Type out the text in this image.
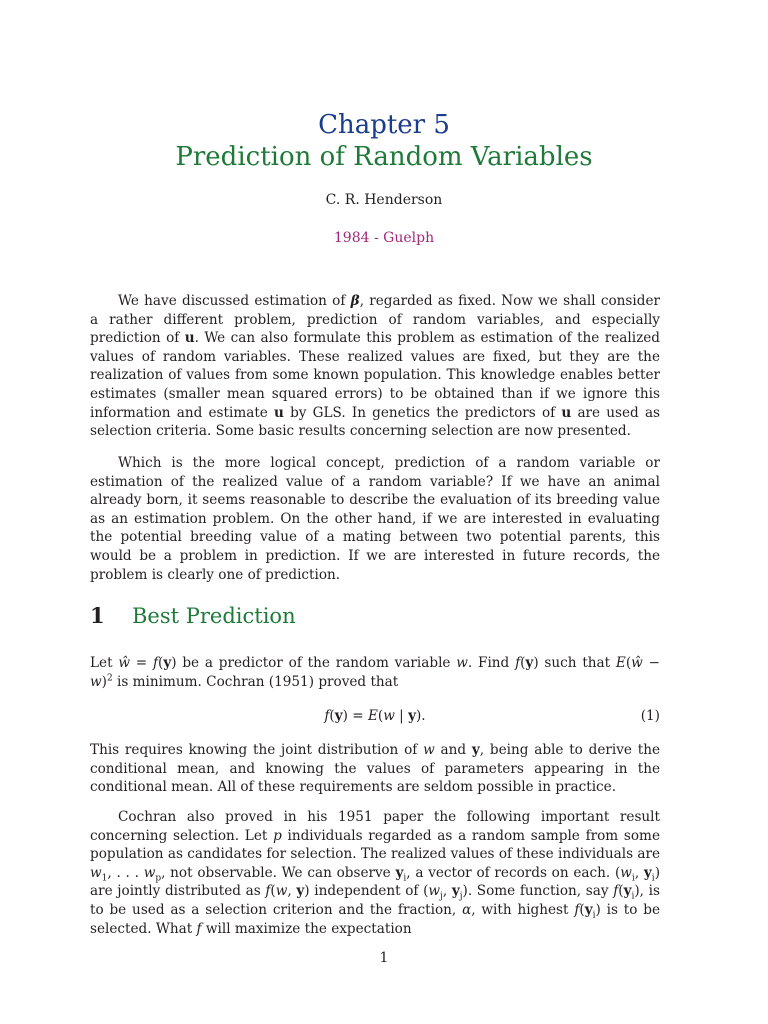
Chapter 5
Prediction of Random Variables
C. R. Henderson
1984 - Guelph

We have discussed estimation of β, regarded as fixed. Now we shall consider a rather different problem, prediction of random variables, and especially prediction of u. We can also formulate this problem as estimation of the realized values of random variables. These realized values are fixed, but they are the realization of values from some known population. This knowledge enables better estimates (smaller mean squared errors) to be obtained than if we ignore this information and estimate u by GLS. In genetics the predictors of u are used as selection criteria. Some basic results concerning selection are now presented.

Which is the more logical concept, prediction of a random variable or estimation of the realized value of a random variable? If we have an animal already born, it seems reasonable to describe the evaluation of its breeding value as an estimation problem. On the other hand, if we are interested in evaluating the potential breeding value of a mating between two potential parents, this would be a problem in prediction. If we are interested in future records, the problem is clearly one of prediction.

1 Best Prediction

Let ŵ = f(y) be a predictor of the random variable w. Find f(y) such that E(ŵ − w)$^2$ is minimum. Cochran (1951) proved that

f(y) = E(w | y).	(1)

This requires knowing the joint distribution of w and y, being able to derive the conditional mean, and knowing the values of parameters appearing in the conditional mean. All of these requirements are seldom possible in practice.

Cochran also proved in his 1951 paper the following important result concerning selection. Let p individuals regarded as a random sample from some population as candidates for selection. The realized values of these individuals are $w_1$, . . . $w_p$, not observable. We can observe $y_i$, a vector of records on each. ($w_i$, $y_i$) are jointly distributed as f(w, y) independent of ($w_j$, $y_j$). Some function, say $f(y_i)$, is to be used as a selection criterion and the fraction, α, with highest $f(y_i)$ is to be selected. What f will maximize the expectation

1
